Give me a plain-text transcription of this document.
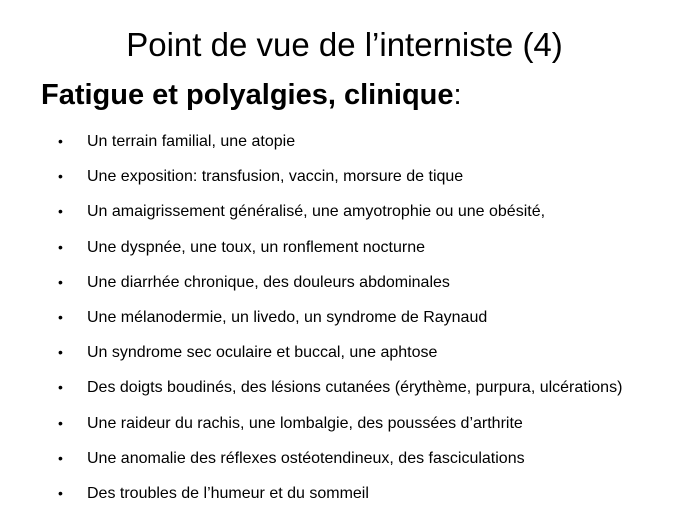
Point de vue de l’interniste (4)
Fatigue et polyalgies, clinique:
• Un terrain familial, une atopie
• Une exposition: transfusion, vaccin, morsure de tique
• Un amaigrissement généralisé, une amyotrophie ou une obésité,
• Une dyspnée, une toux, un ronflement nocturne
• Une diarrhée chronique, des douleurs abdominales
• Une mélanodermie, un livedo, un syndrome de Raynaud
• Un syndrome sec oculaire et buccal, une aphtose
• Des doigts boudinés, des lésions cutanées (érythème, purpura, ulcérations)
• Une raideur du rachis, une lombalgie, des poussées d’arthrite
• Une anomalie des réflexes ostéotendineux, des fasciculations
• Des troubles de l’humeur et du sommeil
